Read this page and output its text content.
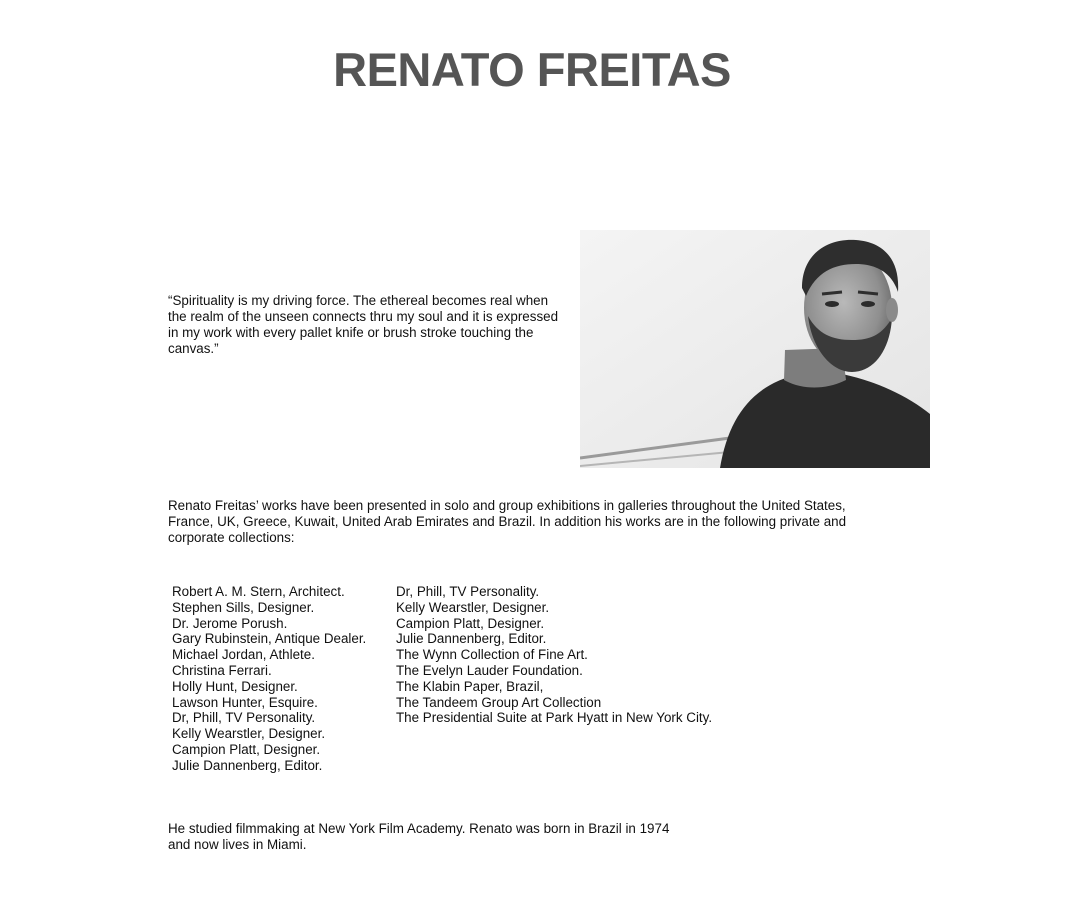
RENATO FREITAS

“Spirituality is my driving force. The ethereal becomes real when the realm of the unseen connects thru my soul and it is expressed in my work with every pallet knife or brush stroke touching the canvas.”

Renato Freitas’ works have been presented in solo and group exhibitions in galleries throughout the United States, France, UK, Greece, Kuwait, United Arab Emirates and Brazil. In addition his works are in the following private and corporate collections:

Robert A. M. Stern, Architect.
Stephen Sills, Designer.
Dr. Jerome Porush.
Gary Rubinstein, Antique Dealer.
Michael Jordan, Athlete.
Christina Ferrari.
Holly Hunt, Designer.
Lawson Hunter, Esquire.
Dr, Phill, TV Personality.
Kelly Wearstler, Designer.
Campion Platt, Designer.
Julie Dannenberg, Editor.
Dr, Phill, TV Personality.
Kelly Wearstler, Designer.
Campion Platt, Designer.
Julie Dannenberg, Editor.
The Wynn Collection of Fine Art.
The Evelyn Lauder Foundation.
The Klabin Paper, Brazil,
The Tandeem Group Art Collection
The Presidential Suite at Park Hyatt in New York City.

He studied filmmaking at New York Film Academy. Renato was born in Brazil in 1974 and now lives in Miami.
